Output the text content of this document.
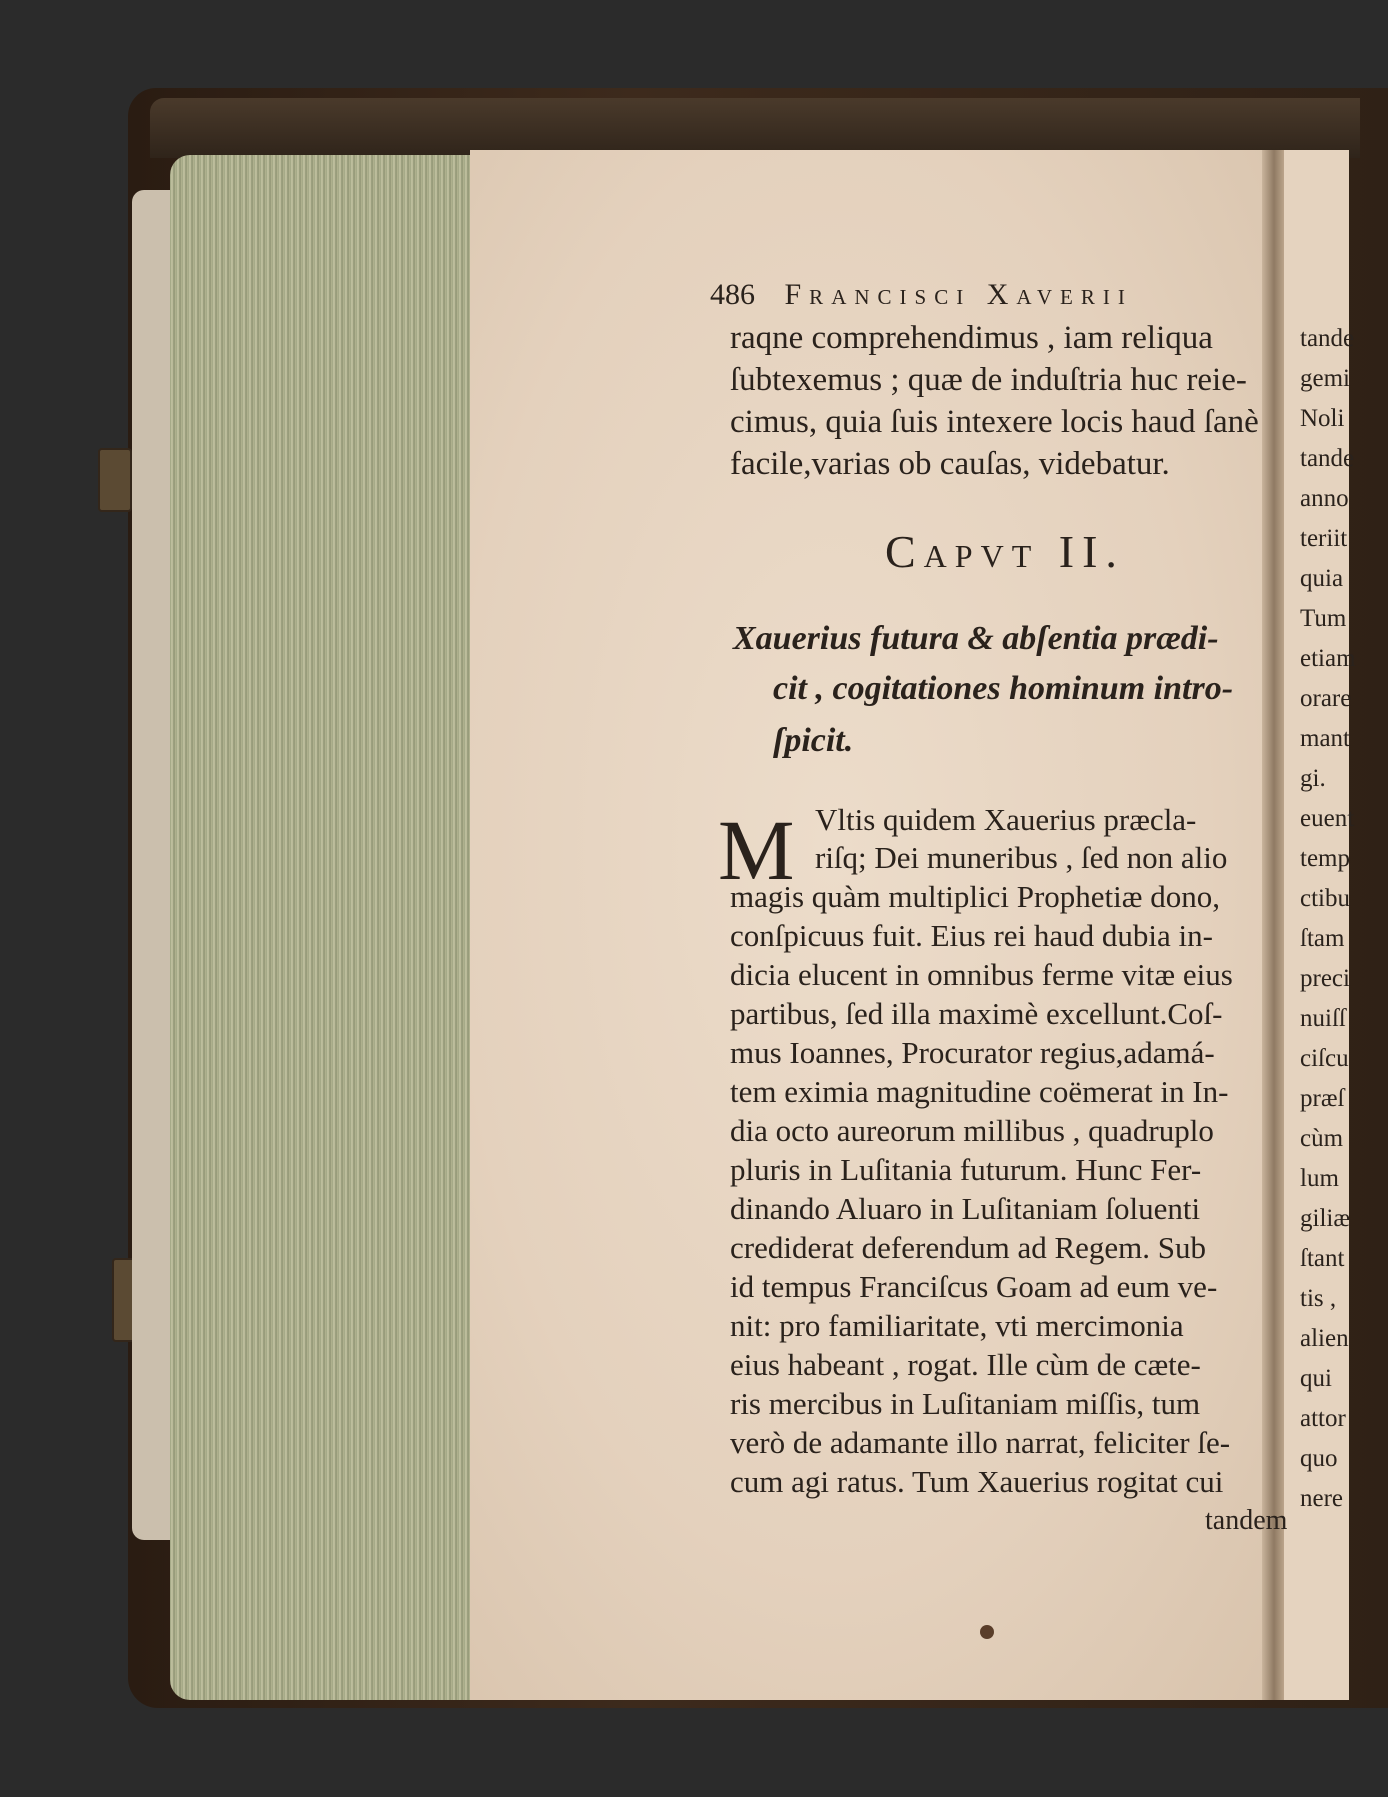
486 Francisci Xaverii
raqne comprehendimus , iam reliqua
ſubtexemus ; quæ de induſtria huc reie-
cimus, quia ſuis intexere locis haud ſanè
facile,varias ob cauſas, videbatur.
Capvt II.
Xauerius futura & abſentia prædi-
cit , cogitationes hominum intro-
ſpicit.
M Vltis quidem Xauerius præcla-
riſq; Dei muneribus , ſed non alio
magis quàm multiplici Prophetiæ dono,
conſpicuus fuit. Eius rei haud dubia in-
dicia elucent in omnibus ferme vitæ eius
partibus, ſed illa maximè excellunt.Coſ-
mus Ioannes, Procurator regius,adamá-
tem eximia magnitudine coëmerat in In-
dia octo aureorum millibus , quadruplo
pluris in Luſitania futurum. Hunc Fer-
dinando Aluaro in Luſitaniam ſoluenti
crediderat deferendum ad Regem. Sub
id tempus Franciſcus Goam ad eum ve-
nit: pro familiaritate, vti mercimonia
eius habeant , rogat. Ille cùm de cæte-
ris mercibus in Luſitaniam miſſis, tum
verò de adamante illo narrat, feliciter ſe-
cum agi ratus. Tum Xauerius rogitat cui
tandem
tande
gemi
Noli
tande
anno
teriit
quia
Tum
etiam
orare
mant
gi.
euent
temp
ctibu
ſtam
preci
nuiſſ
ciſcu
præſ
cùm
lum
giliæ
ſtant
tis ,
alien
qui
attor
quo
nere
